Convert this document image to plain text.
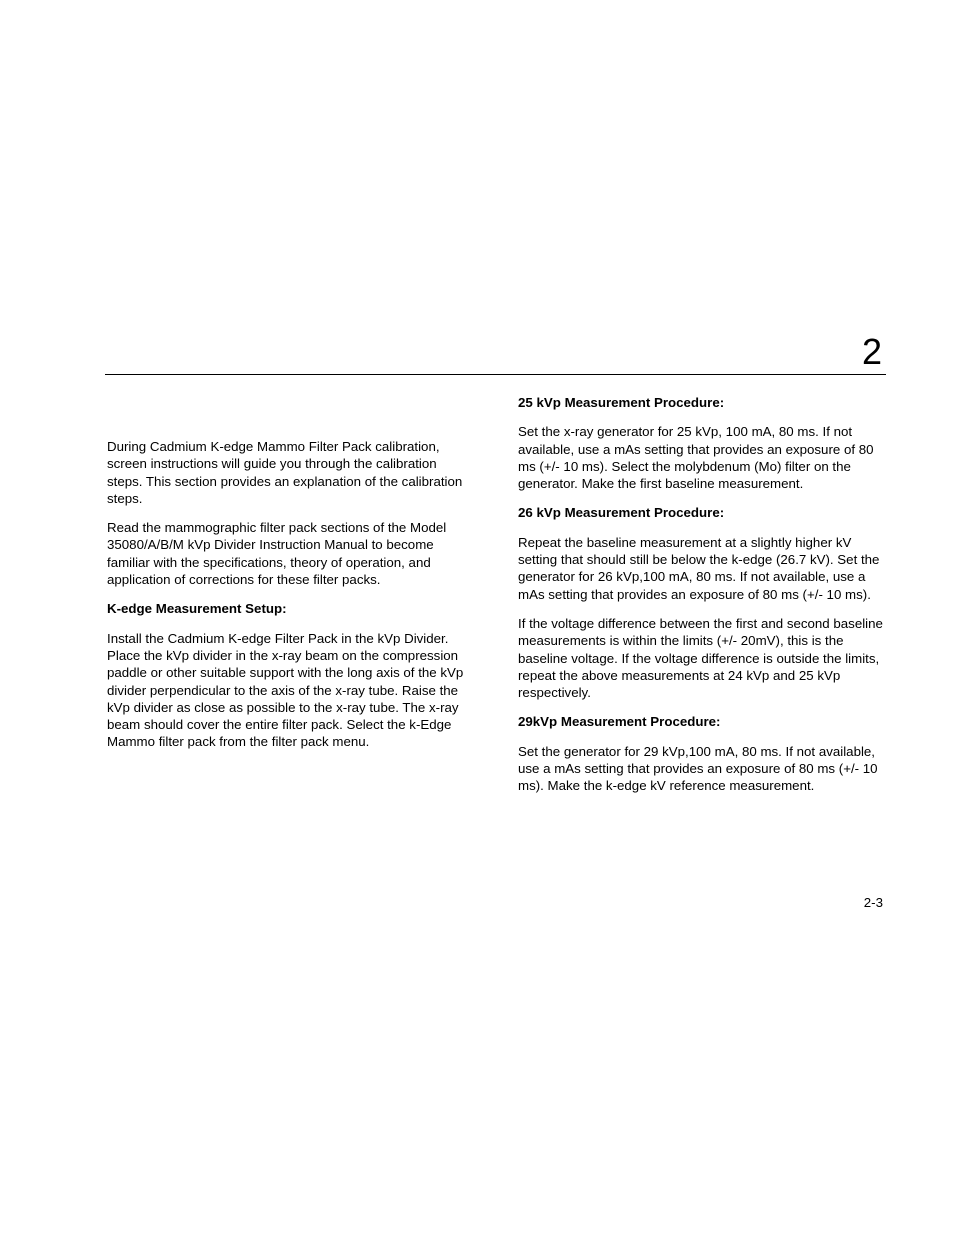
2

During Cadmium K-edge Mammo Filter Pack calibration, screen instructions will guide you through the calibration steps. This section provides an explanation of the calibration steps.

Read the mammographic filter pack sections of the Model 35080/A/B/M kVp Divider Instruction Manual to become familiar with the specifications, theory of operation, and application of corrections for these filter packs.

K-edge Measurement Setup:

Install the Cadmium K-edge Filter Pack in the kVp Divider. Place the kVp divider in the x-ray beam on the compression paddle or other suitable support with the long axis of the kVp divider perpendicular to the axis of the x-ray tube. Raise the kVp divider as close as possible to the x-ray tube. The x-ray beam should cover the entire filter pack. Select the k-Edge Mammo filter pack from the filter pack menu.

25 kVp Measurement Procedure:

Set the x-ray generator for 25 kVp, 100 mA, 80 ms. If not available, use a mAs setting that provides an exposure of 80 ms (+/- 10 ms). Select the molybdenum (Mo) filter on the generator. Make the first baseline measurement.

26 kVp Measurement Procedure:

Repeat the baseline measurement at a slightly higher kV setting that should still be below the k-edge (26.7 kV). Set the generator for 26 kVp,100 mA, 80 ms. If not available, use a mAs setting that provides an exposure of 80 ms (+/- 10 ms).

If the voltage difference between the first and second baseline measurements is within the limits (+/- 20mV), this is the baseline voltage. If the voltage difference is outside the limits, repeat the above measurements at 24 kVp and 25 kVp respectively.

29kVp Measurement Procedure:

Set the generator for 29 kVp,100 mA, 80 ms. If not available, use a mAs setting that provides an exposure of 80 ms (+/- 10 ms). Make the k-edge kV reference measurement.

2-3
